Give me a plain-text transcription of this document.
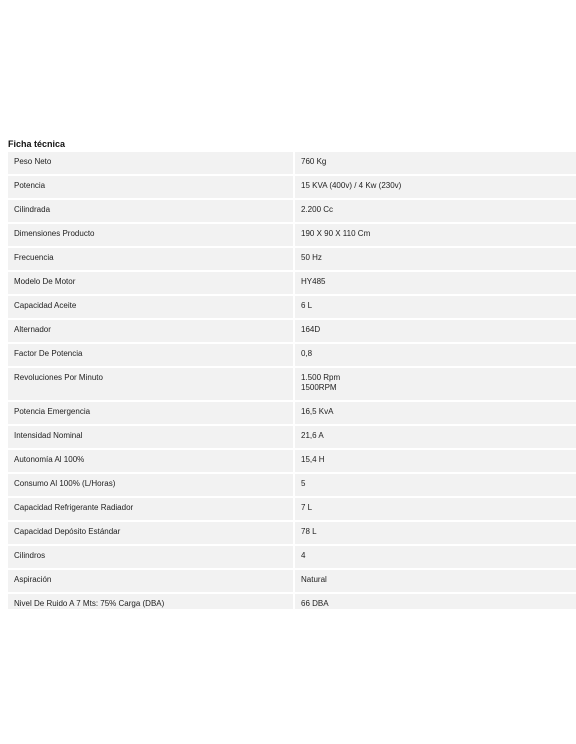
Ficha técnica
Peso Neto	760 Kg
Potencia	15 KVA (400v) / 4 Kw (230v)
Cilindrada	2.200 Cc
Dimensiones Producto	190 X 90 X 110 Cm
Frecuencia	50 Hz
Modelo De Motor	HY485
Capacidad Aceite	6 L
Alternador	164D
Factor De Potencia	0,8
Revoluciones Por Minuto	1.500 Rpm
1500RPM
Potencia Emergencia	16,5 KvA
Intensidad Nominal	21,6 A
Autonomía Al 100%	15,4 H
Consumo Al 100% (L/Horas)	5
Capacidad Refrigerante Radiador	7 L
Capacidad Depósito Estándar	78 L
Cilindros	4
Aspiración	Natural
Nivel De Ruido A 7 Mts: 75% Carga (DBA)	66 DBA
